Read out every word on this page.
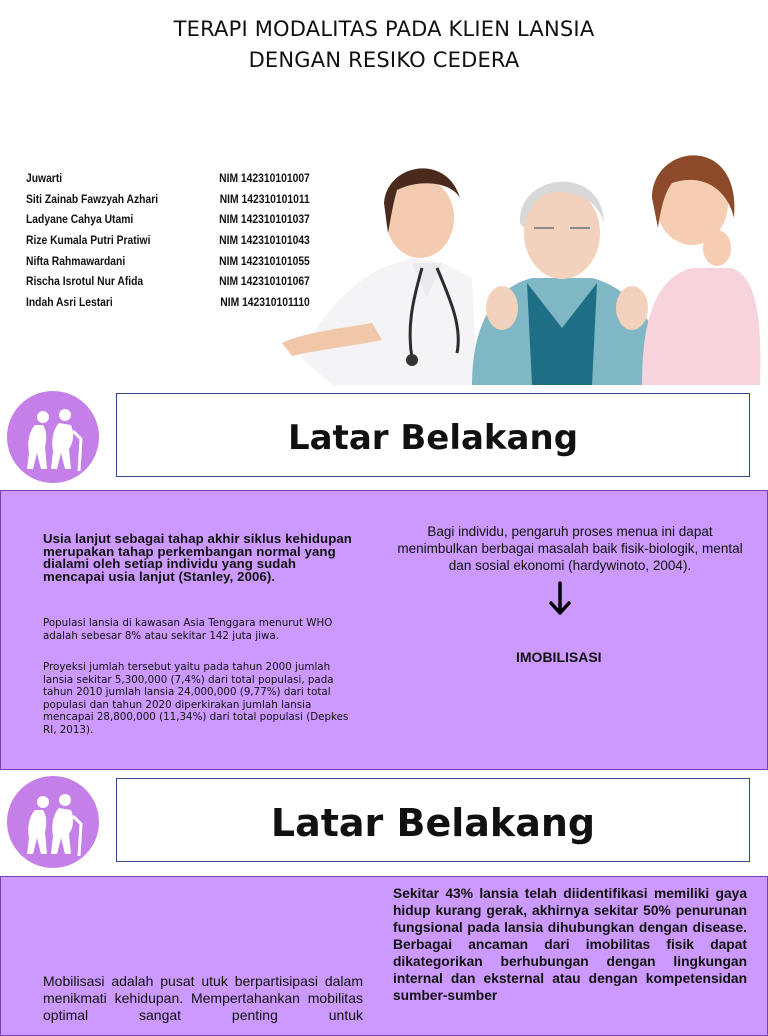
TERAPI MODALITAS PADA KLIEN LANSIA
DENGAN RESIKO CEDERA
Juwarti	NIM 142310101007
Siti Zainab Fawzyah Azhari	NIM 142310101011
Ladyane Cahya Utami	NIM 142310101037
Rize Kumala Putri Pratiwi	NIM 142310101043
Nifta Rahmawardani	NIM 142310101055
Rischa Isrotul Nur Afida	NIM 142310101067
Indah Asri Lestari	NIM 142310101110
Latar Belakang
Usia lanjut sebagai tahap akhir siklus kehidupan merupakan tahap perkembangan normal yang dialami oleh setiap individu yang sudah mencapai usia lanjut (Stanley, 2006).
Populasi lansia di kawasan Asia Tenggara menurut WHO adalah sebesar 8% atau sekitar 142 juta jiwa.
Proyeksi jumlah tersebut yaitu pada tahun 2000 jumlah lansia sekitar 5,300,000 (7,4%) dari total populasi, pada tahun 2010 jumlah lansia 24,000,000 (9,77%) dari total populasi dan tahun 2020 diperkirakan jumlah lansia mencapai 28,800,000 (11,34%) dari total populasi (Depkes RI, 2013).
Bagi individu, pengaruh proses menua ini dapat menimbulkan berbagai masalah baik fisik-biologik, mental dan sosial ekonomi (hardywinoto, 2004).
IMOBILISASI
Latar Belakang
Mobilisasi adalah pusat utuk berpartisipasi dalam menikmati kehidupan. Mempertahankan mobilitas optimal sangat penting untuk
Sekitar 43% lansia telah diidentifikasi memiliki gaya hidup kurang gerak, akhirnya sekitar 50% penurunan fungsional pada lansia dihubungkan dengan disease. Berbagai ancaman dari imobilitas fisik dapat dikategorikan berhubungan dengan lingkungan internal dan eksternal atau dengan kompetensidan sumber-sumber
